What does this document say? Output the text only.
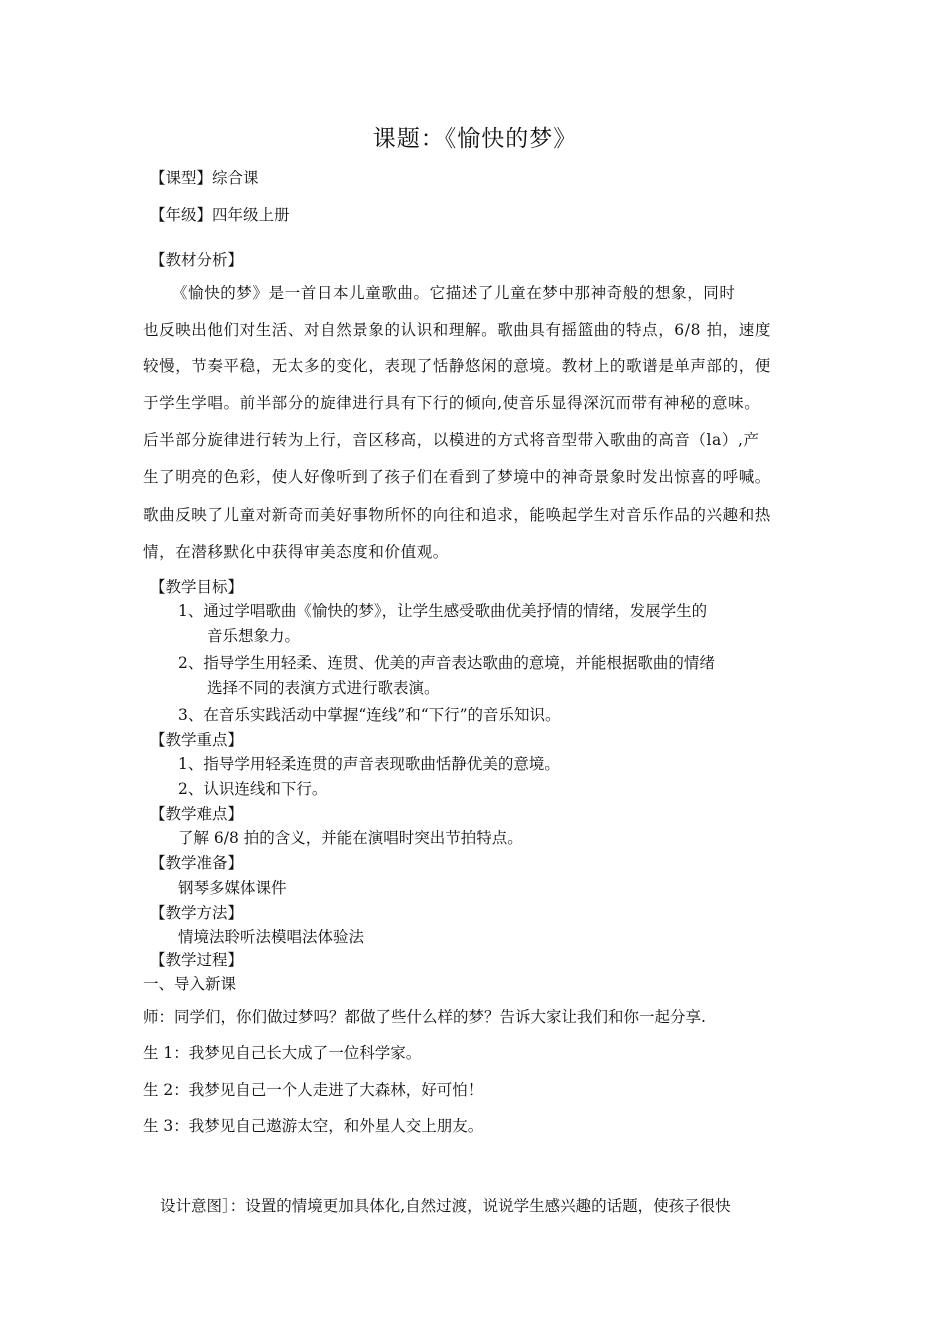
课题：《愉快的梦》
【课型】综合课
【年级】四年级上册
【教材分析】
《愉快的梦》是一首日本儿童歌曲。它描述了儿童在梦中那神奇般的想象，同时
也反映出他们对生活、对自然景象的认识和理解。歌曲具有摇篮曲的特点，6/8 拍，速度
较慢，节奏平稳，无太多的变化，表现了恬静悠闲的意境。教材上的歌谱是单声部的，便
于学生学唱。前半部分的旋律进行具有下行的倾向,使音乐显得深沉而带有神秘的意味。
后半部分旋律进行转为上行，音区移高，以模进的方式将音型带入歌曲的高音（la）,产
生了明亮的色彩，使人好像听到了孩子们在看到了梦境中的神奇景象时发出惊喜的呼喊。
歌曲反映了儿童对新奇而美好事物所怀的向往和追求，能唤起学生对音乐作品的兴趣和热
情，在潜移默化中获得审美态度和价值观。
【教学目标】
1、通过学唱歌曲《愉快的梦》，让学生感受歌曲优美抒情的情绪，发展学生的
音乐想象力。
2、指导学生用轻柔、连贯、优美的声音表达歌曲的意境，并能根据歌曲的情绪
选择不同的表演方式进行歌表演。
3、在音乐实践活动中掌握“连线”和“下行”的音乐知识。
【教学重点】
1、指导学用轻柔连贯的声音表现歌曲恬静优美的意境。
2、认识连线和下行。
【教学难点】
了解 6/8 拍的含义，并能在演唱时突出节拍特点。
【教学准备】
钢琴多媒体课件
【教学方法】
情境法聆听法模唱法体验法
【教学过程】
一、导入新课
师：同学们，你们做过梦吗？都做了些什么样的梦？告诉大家让我们和你一起分享.
生 1：我梦见自己长大成了一位科学家。
生 2：我梦见自己一个人走进了大森林，好可怕！
生 3：我梦见自己遨游太空，和外星人交上朋友。
设计意图］：设置的情境更加具体化,自然过渡，说说学生感兴趣的话题，使孩子很快
